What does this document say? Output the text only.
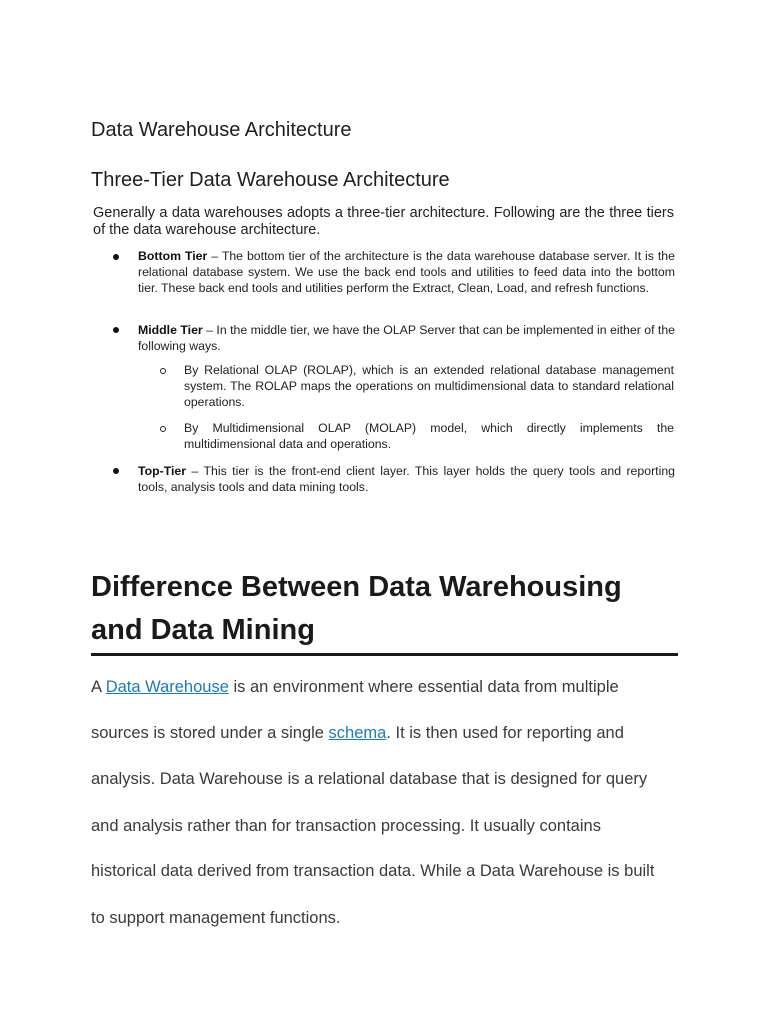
Data Warehouse Architecture
Three-Tier Data Warehouse Architecture

Generally a data warehouses adopts a three-tier architecture. Following are the three tiers of the data warehouse architecture.

Bottom Tier – The bottom tier of the architecture is the data warehouse database server. It is the relational database system. We use the back end tools and utilities to feed data into the bottom tier. These back end tools and utilities perform the Extract, Clean, Load, and refresh functions.

Middle Tier – In the middle tier, we have the OLAP Server that can be implemented in either of the following ways.

By Relational OLAP (ROLAP), which is an extended relational database management system. The ROLAP maps the operations on multidimensional data to standard relational operations.

By Multidimensional OLAP (MOLAP) model, which directly implements the multidimensional data and operations.

Top-Tier – This tier is the front-end client layer. This layer holds the query tools and reporting tools, analysis tools and data mining tools.

Difference Between Data Warehousing and Data Mining
A Data Warehouse is an environment where essential data from multiple
sources is stored under a single schema. It is then used for reporting and
analysis. Data Warehouse is a relational database that is designed for query
and analysis rather than for transaction processing. It usually contains
historical data derived from transaction data. While a Data Warehouse is built
to support management functions.
